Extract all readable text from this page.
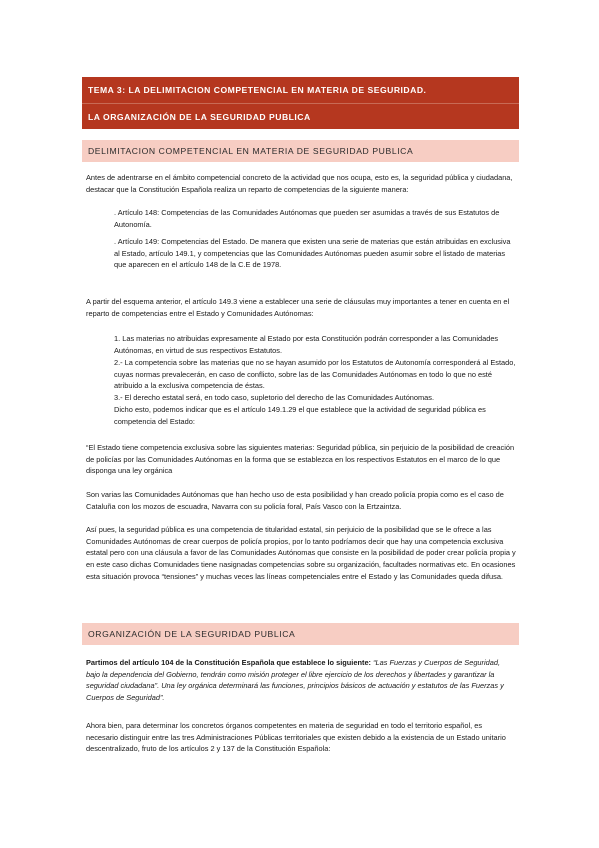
TEMA 3: LA DELIMITACION COMPETENCIAL EN MATERIA DE SEGURIDAD.
LA ORGANIZACIÓN DE LA SEGURIDAD PUBLICA
DELIMITACION COMPETENCIAL EN MATERIA DE SEGURIDAD PUBLICA

Antes de adentrarse en el ámbito competencial concreto de la actividad que nos ocupa, esto es, la seguridad pública y ciudadana, destacar que la Constitución Española realiza un reparto de competencias de la siguiente manera:

. Artículo 148: Competencias de las Comunidades Autónomas que pueden ser asumidas a través de sus Estatutos de Autonomía.

. Artículo 149: Competencias del Estado. De manera que existen una serie de materias que están atribuidas en exclusiva al Estado, artículo 149.1, y competencias que las Comunidades Autónomas pueden asumir sobre el listado de materias que aparecen en el artículo 148 de la C.E de 1978.

A partir del esquema anterior, el artículo 149.3 viene a establecer una serie de cláusulas muy importantes a tener en cuenta en el reparto de competencias entre el Estado y Comunidades Autónomas:

1. Las materias no atribuidas expresamente al Estado por esta Constitución podrán corresponder a las Comunidades Autónomas, en virtud de sus respectivos Estatutos.

2.- La competencia sobre las materias que no se hayan asumido por los Estatutos de Autonomía corresponderá al Estado, cuyas normas prevalecerán, en caso de conflicto, sobre las de las Comunidades Autónomas en todo lo que no esté atribuido a la exclusiva competencia de éstas.

3.- El derecho estatal será, en todo caso, supletorio del derecho de las Comunidades Autónomas.

Dicho esto, podemos indicar que es el artículo 149.1.29 el que establece que la actividad de seguridad pública es competencia del Estado:

“El Estado tiene competencia exclusiva sobre las siguientes materias: Seguridad pública, sin perjuicio de la posibilidad de creación de policías por las Comunidades Autónomas en la forma que se establezca en los respectivos Estatutos en el marco de lo que disponga una ley orgánica

Son varias las Comunidades Autónomas que han hecho uso de esta posibilidad y han creado policía propia como es el caso de Cataluña con los mozos de escuadra, Navarra con su policía foral, País Vasco con la Ertzaintza.

Así pues, la seguridad pública es una competencia de titularidad estatal, sin perjuicio de la posibilidad que se le ofrece a las Comunidades Autónomas de crear cuerpos de policía propios, por lo tanto podríamos decir que hay una competencia exclusiva estatal pero con una cláusula a favor de las Comunidades Autónomas que consiste en la posibilidad de poder crear policía propia y en este caso dichas Comunidades tiene nasignadas competencias sobre su organización, facultades normativas etc. En ocasiones esta situación provoca “tensiones” y muchas veces las líneas competenciales entre el Estado y las Comunidades queda difusa.

ORGANIZACIÓN DE LA SEGURIDAD PUBLICA

Partimos del artículo 104 de la Constitución Española que establece lo siguiente: “Las Fuerzas y Cuerpos de Seguridad, bajo la dependencia del Gobierno, tendrán como misión proteger el libre ejercicio de los derechos y libertades y garantizar la seguridad ciudadana”. Una ley orgánica determinará las funciones, principios básicos de actuación y estatutos de las Fuerzas y Cuerpos de Seguridad”.

Ahora bien, para determinar los concretos órganos competentes en materia de seguridad en todo el territorio español, es necesario distinguir entre las tres Administraciones Públicas territoriales que existen debido a la existencia de un Estado unitario descentralizado, fruto de los artículos 2 y 137 de la Constitución Española:
